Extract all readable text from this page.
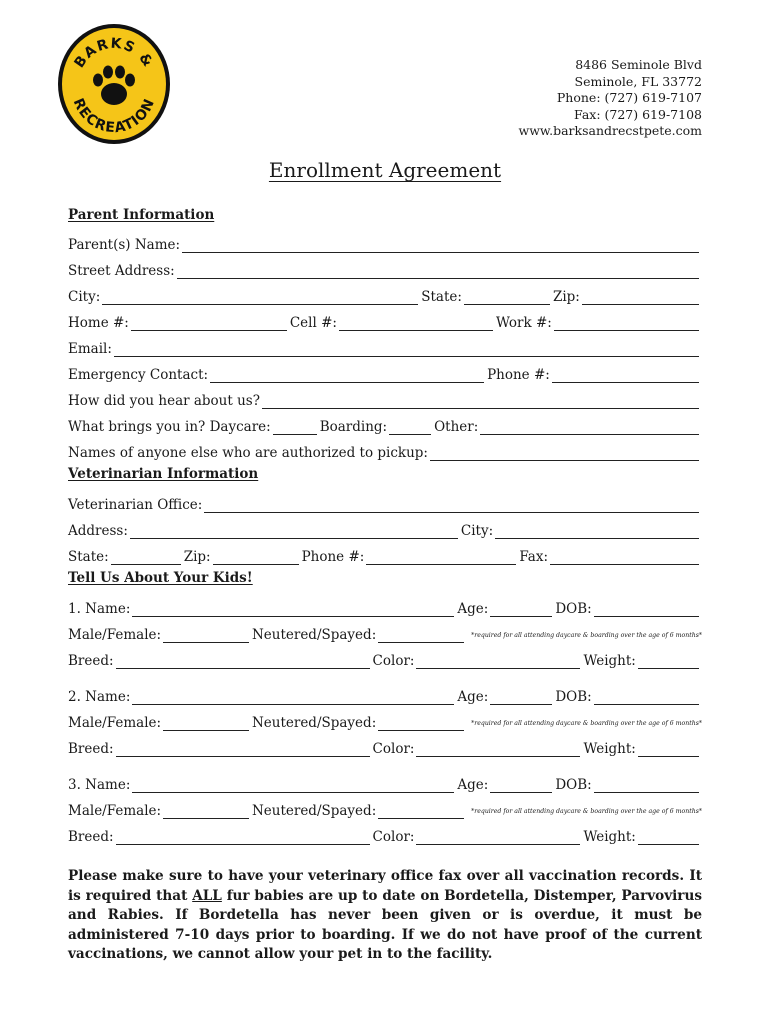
BARKS &
RECREATION
8486 Seminole Blvd
Seminole, FL 33772
Phone: (727) 619-7107
Fax: (727) 619-7108
www.barksandrecstpete.com
Enrollment Agreement
Parent Information
Parent(s) Name:
Street Address:
City:	State:	Zip:
Home #:	Cell #:	Work #:
Email:
Emergency Contact:	Phone #:
How did you hear about us?
What brings you in? Daycare:	Boarding:	Other:
Names of anyone else who are authorized to pickup:
Veterinarian Information
Veterinarian Office:
Address:	City:
State:	Zip:	Phone #:	Fax:
Tell Us About Your Kids!
1. Name:	Age:	DOB:
Male/Female:	Neutered/Spayed:	*required for all attending daycare & boarding over the age of 6 months*
Breed:	Color:	Weight:
2. Name:	Age:	DOB:
Male/Female:	Neutered/Spayed:	*required for all attending daycare & boarding over the age of 6 months*
Breed:	Color:	Weight:
3. Name:	Age:	DOB:
Male/Female:	Neutered/Spayed:	*required for all attending daycare & boarding over the age of 6 months*
Breed:	Color:	Weight:
Please make sure to have your veterinary office fax over all vaccination records. It is required that ALL fur babies are up to date on Bordetella, Distemper, Parvovirus and Rabies. If Bordetella has never been given or is overdue, it must be administered 7-10 days prior to boarding. If we do not have proof of the current vaccinations, we cannot allow your pet in to the facility.
